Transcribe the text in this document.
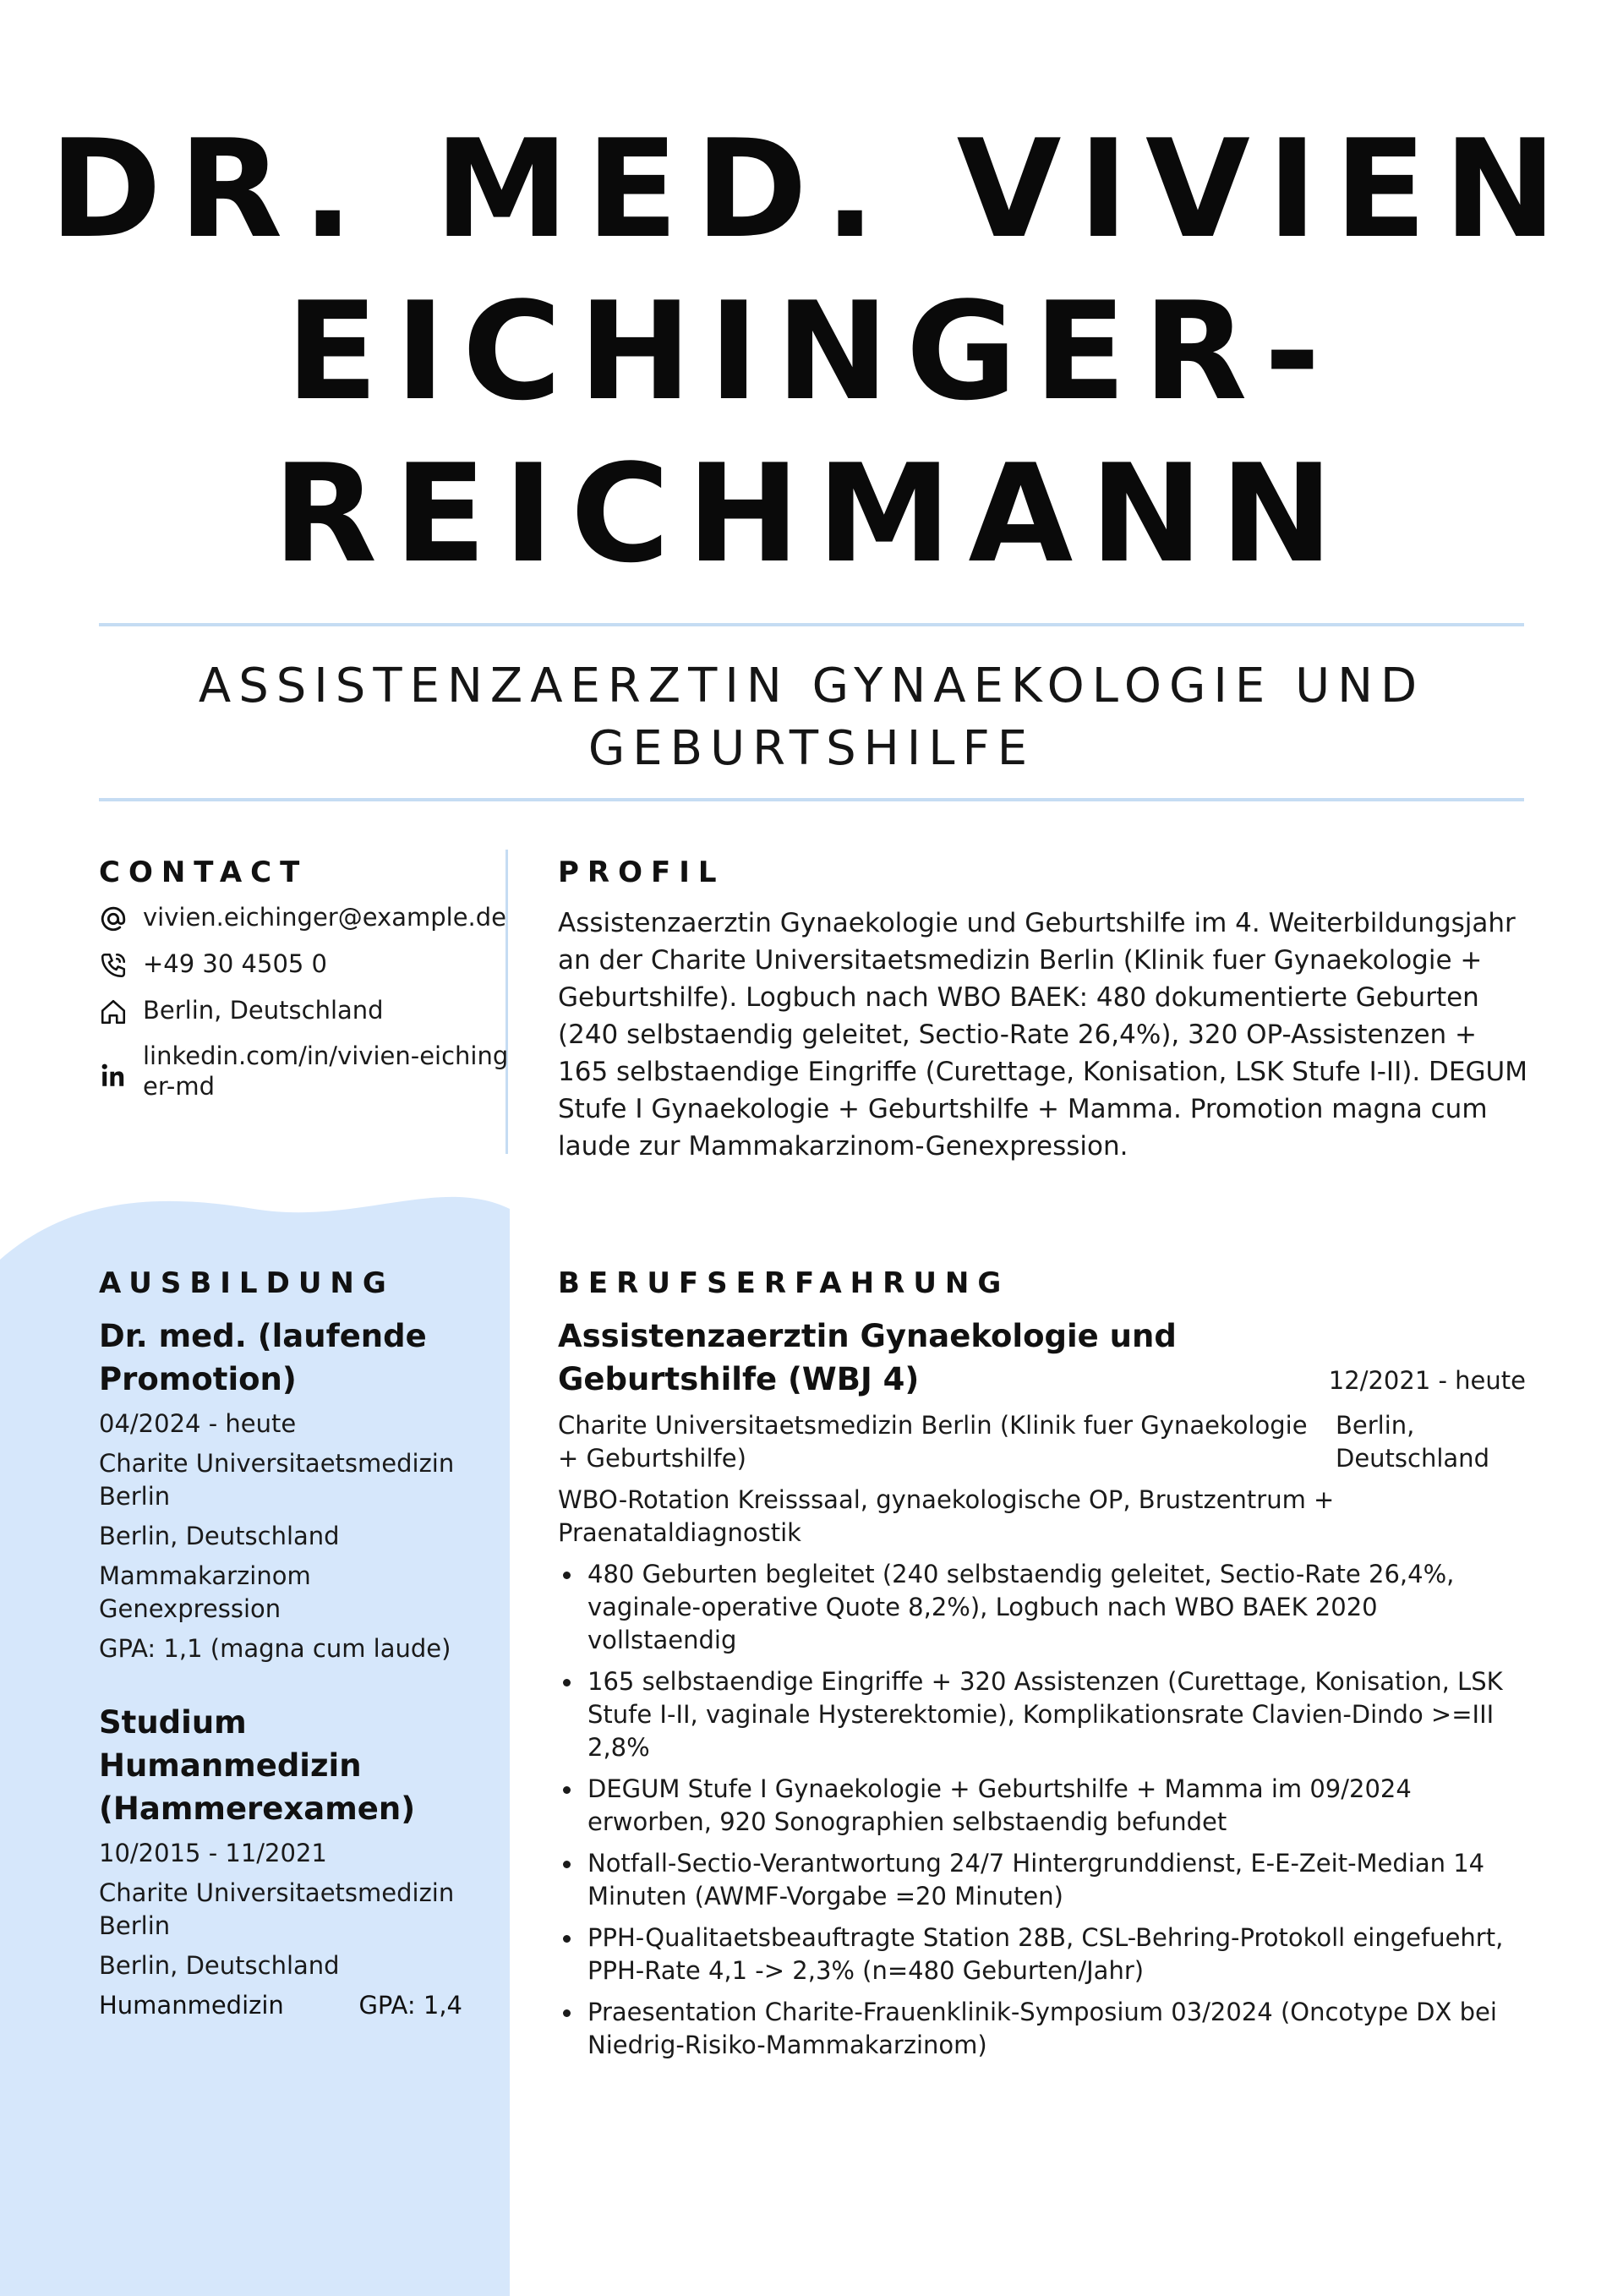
DR. MED. VIVIEN
EICHINGER-
REICHMANN
ASSISTENZAERZTIN GYNAEKOLOGIE UND
GEBURTSHILFE
CONTACT
vivien.eichinger@example.de
+49 30 4505 0
Berlin, Deutschland
linkedin.com/in/vivien-eichinger-md
PROFIL

Assistenzaerztin Gynaekologie und Geburtshilfe im 4. Weiterbildungsjahr an der Charite Universitaetsmedizin Berlin (Klinik fuer Gynaekologie + Geburtshilfe). Logbuch nach WBO BAEK: 480 dokumentierte Geburten (240 selbstaendig geleitet, Sectio-Rate 26,4%), 320 OP-Assistenzen + 165 selbstaendige Eingriffe (Curettage, Konisation, LSK Stufe I-II). DEGUM Stufe I Gynaekologie + Geburtshilfe + Mamma. Promotion magna cum laude zur Mammakarzinom-Genexpression.

AUSBILDUNG
Dr. med. (laufende Promotion)
04/2024 - heute
Charite Universitaetsmedizin Berlin
Berlin, Deutschland
Mammakarzinom Genexpression
GPA: 1,1 (magna cum laude)
Studium Humanmedizin (Hammerexamen)
10/2015 - 11/2021
Charite Universitaetsmedizin Berlin
Berlin, Deutschland
Humanmedizin	GPA: 1,4
BERUFSERFAHRUNG
Assistenzaerztin Gynaekologie und Geburtshilfe (WBJ 4)	12/2021 - heute
Charite Universitaetsmedizin Berlin (Klinik fuer Gynaekologie + Geburtshilfe)
Berlin, Deutschland
WBO-Rotation Kreisssaal, gynaekologische OP, Brustzentrum + Praenataldiagnostik
480 Geburten begleitet (240 selbstaendig geleitet, Sectio-Rate 26,4%, vaginale-operative Quote 8,2%), Logbuch nach WBO BAEK 2020 vollstaendig
165 selbstaendige Eingriffe + 320 Assistenzen (Curettage, Konisation, LSK Stufe I-II, vaginale Hysterektomie), Komplikationsrate Clavien-Dindo >=III 2,8%
DEGUM Stufe I Gynaekologie + Geburtshilfe + Mamma im 09/2024 erworben, 920 Sonographien selbstaendig befundet
Notfall-Sectio-Verantwortung 24/7 Hintergrunddienst, E-E-Zeit-Median 14 Minuten (AWMF-Vorgabe =20 Minuten)
PPH-Qualitaetsbeauftragte Station 28B, CSL-Behring-Protokoll eingefuehrt, PPH-Rate 4,1 -> 2,3% (n=480 Geburten/Jahr)
Praesentation Charite-Frauenklinik-Symposium 03/2024 (Oncotype DX bei Niedrig-Risiko-Mammakarzinom)
